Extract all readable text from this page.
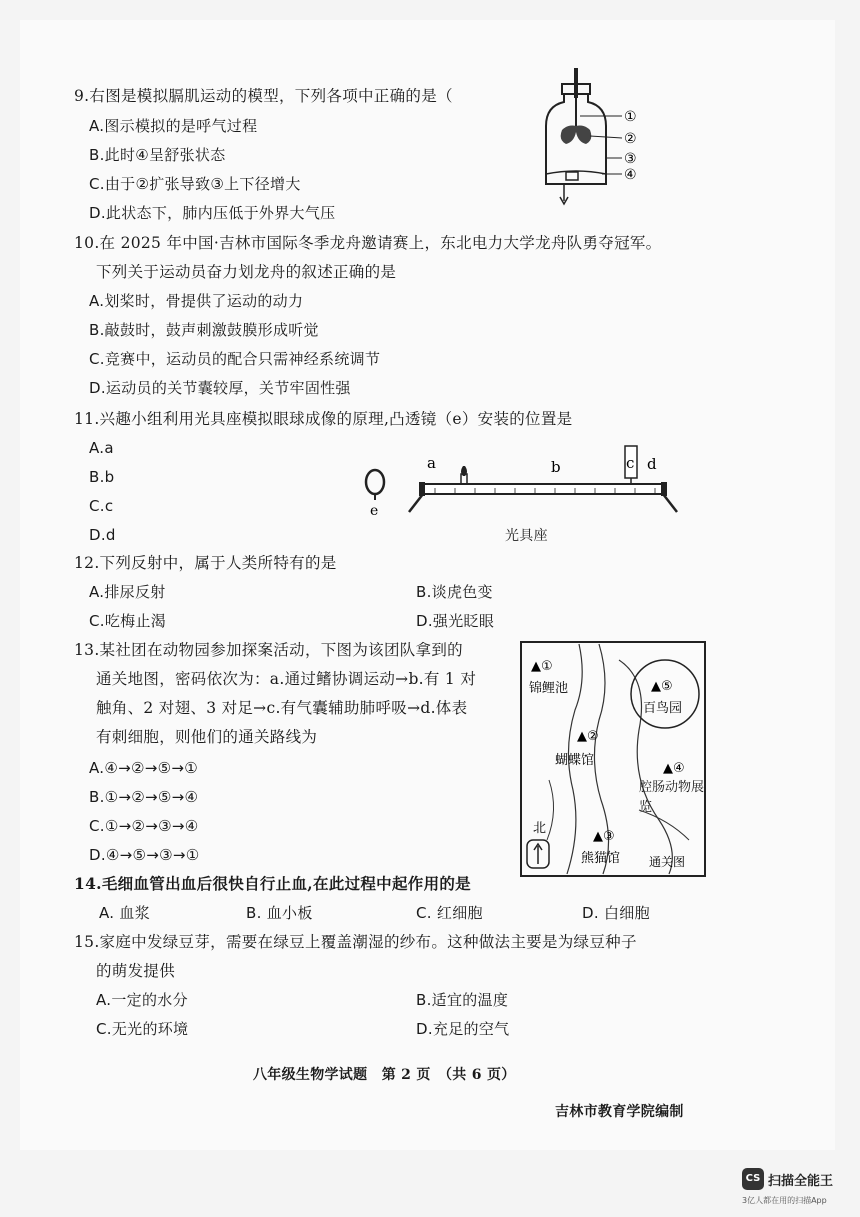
9.右图是模拟膈肌运动的模型，下列各项中正确的是（
A.图示模拟的是呼气过程
B.此时④呈舒张状态
C.由于②扩张导致③上下径增大
D.此状态下，肺内压低于外界大气压
①
②
③
④
10.在 2025 年中国·吉林市国际冬季龙舟邀请赛上，东北电力大学龙舟队勇夺冠军。
下列关于运动员奋力划龙舟的叙述正确的是
A.划桨时，骨提供了运动的动力
B.敲鼓时，鼓声刺激鼓膜形成听觉
C.竞赛中，运动员的配合只需神经系统调节
D.运动员的关节囊较厚，关节牢固性强
11.兴趣小组利用光具座模拟眼球成像的原理,凸透镜（e）安装的位置是
A.a
B.b
C.c
D.d
e
a	b	c d
光具座
12.下列反射中，属于人类所特有的是
A.排尿反射	B.谈虎色变
C.吃梅止渴	D.强光眨眼
13.某社团在动物园参加探案活动，下图为该团队拿到的
通关地图，密码依次为：a.通过鳍协调运动→b.有 1 对
触角、2 对翅、3 对足→c.有气囊辅助肺呼吸→d.体表
有刺细胞，则他们的通关路线为
A.④→②→⑤→①
B.①→②→⑤→④
C.①→②→③→④
D.④→⑤→③→①
▲①
锦鲤池	▲⑤
百鸟园
▲②
蝴蝶馆
▲④
腔肠动物展览
▲③
熊猫馆
北
通关图
14.毛细血管出血后很快自行止血,在此过程中起作用的是
A. 血浆	B. 血小板	C. 红细胞	D. 白细胞
15.家庭中发绿豆芽，需要在绿豆上覆盖潮湿的纱布。这种做法主要是为绿豆种子
的萌发提供
A.一定的水分	B.适宜的温度
C.无光的环境	D.充足的空气
八年级生物学试题　第 2 页　（共 6 页）
吉林市教育学院编制
CS 扫描全能王
3亿人都在用的扫描App
